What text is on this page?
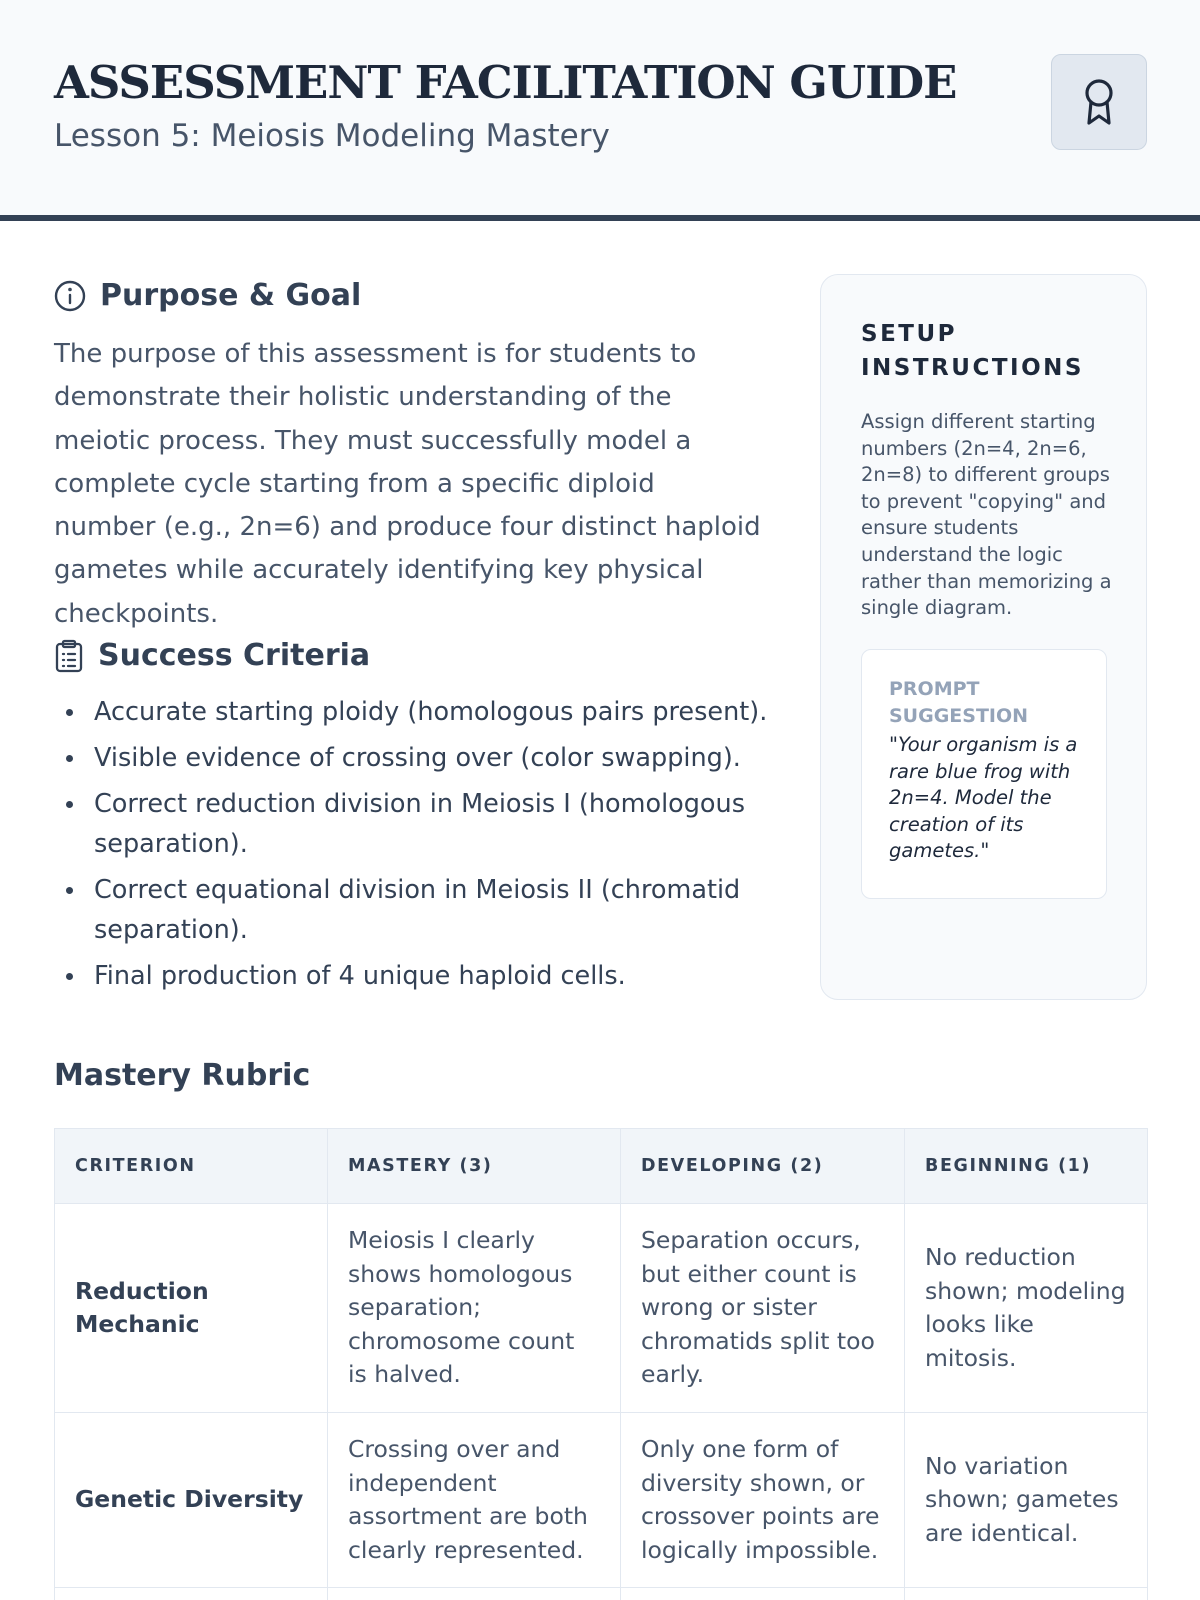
ASSESSMENT FACILITATION GUIDE
Lesson 5: Meiosis Modeling Mastery
Purpose & Goal

The purpose of this assessment is for students to demonstrate their holistic understanding of the meiotic process. They must successfully model a complete cycle starting from a specific diploid number (e.g., 2n=6) and produce four distinct haploid gametes while accurately identifying key physical checkpoints.

Success Criteria
Accurate starting ploidy (homologous pairs present).
Visible evidence of crossing over (color swapping).
Correct reduction division in Meiosis I (homologous separation).
Correct equational division in Meiosis II (chromatid separation).
Final production of 4 unique haploid cells.
SETUP INSTRUCTIONS

Assign different starting numbers (2n=4, 2n=6, 2n=8) to different groups to prevent "copying" and ensure students understand the logic rather than memorizing a single diagram.

PROMPT SUGGESTION

"Your organism is a rare blue frog with 2n=4. Model the creation of its gametes."

Mastery Rubric
CRITERION	MASTERY (3)	DEVELOPING (2)	BEGINNING (1)
Reduction Mechanic	Meiosis I clearly shows homologous separation; chromosome count is halved.	Separation occurs, but either count is wrong or sister chromatids split too early.	No reduction shown; modeling looks like mitosis.
Genetic Diversity	Crossing over and independent assortment are both clearly represented.	Only one form of diversity shown, or crossover points are logically impossible.	No variation shown; gametes are identical.
